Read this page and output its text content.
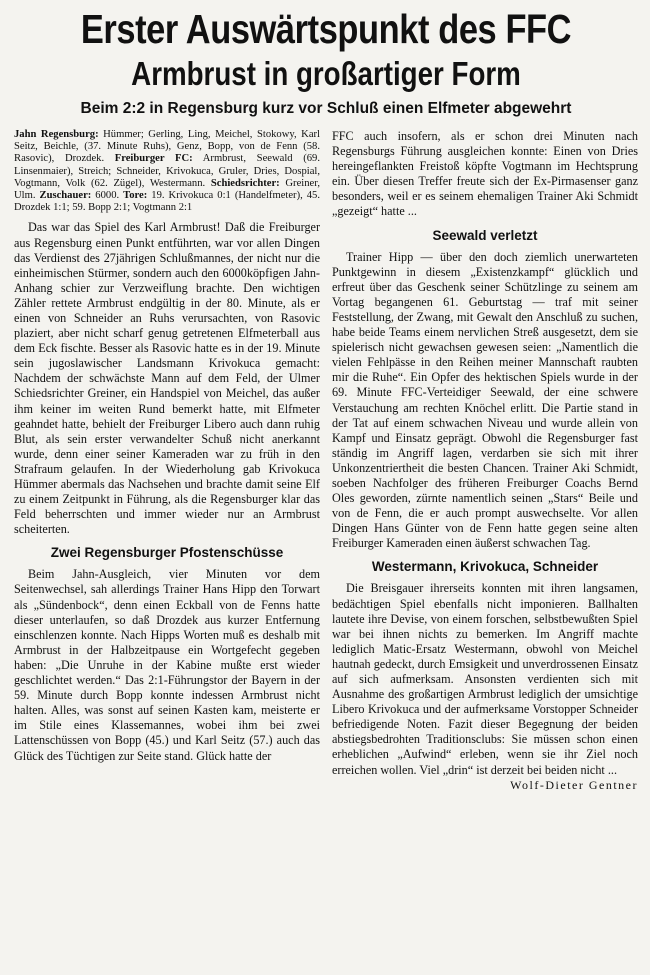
Erster Auswärtspunkt des FFC
Armbrust in großartiger Form
Beim 2:2 in Regensburg kurz vor Schluß einen Elfmeter abgewehrt

Jahn Regensburg: Hümmer; Gerling, Ling, Meichel, Stokowy, Karl Seitz, Beichle, (37. Minute Ruhs), Genz, Bopp, von de Fenn (58. Rasovic), Drozdek. Freiburger FC: Armbrust, Seewald (69. Linsenmaier), Streich; Schneider, Krivokuca, Gruler, Dries, Dospial, Vogtmann, Volk (62. Zügel), Westermann. Schiedsrichter: Greiner, Ulm. Zuschauer: 6000. Tore: 19. Krivokuca 0:1 (Handelfmeter), 45. Drozdek 1:1; 59. Bopp 2:1; Vogtmann 2:1

Das war das Spiel des Karl Armbrust! Daß die Freiburger aus Regensburg einen Punkt entführten, war vor allen Dingen das Verdienst des 27jährigen Schlußmannes, der nicht nur die einheimischen Stürmer, sondern auch den 6000köpfigen Jahn-Anhang schier zur Verzweiflung brachte. Den wichtigen Zähler rettete Armbrust endgültig in der 80. Minute, als er einen von Schneider an Ruhs verursachten, von Rasovic plaziert, aber nicht scharf genug getretenen Elfmeterball aus dem Eck fischte. Besser als Rasovic hatte es in der 19. Minute sein jugoslawischer Landsmann Krivokuca gemacht: Nachdem der schwächste Mann auf dem Feld, der Ulmer Schiedsrichter Greiner, ein Handspiel von Meichel, das außer ihm keiner im weiten Rund bemerkt hatte, mit Elfmeter geahndet hatte, behielt der Freiburger Libero auch dann ruhig Blut, als sein erster verwandelter Schuß nicht anerkannt wurde, denn einer seiner Kameraden war zu früh in den Strafraum gelaufen. In der Wiederholung gab Krivokuca Hümmer abermals das Nachsehen und brachte damit seine Elf zu einem Zeitpunkt in Führung, als die Regensburger klar das Feld beherrschten und immer wieder nur an Armbrust scheiterten.

Zwei Regensburger Pfostenschüsse

Beim Jahn-Ausgleich, vier Minuten vor dem Seitenwechsel, sah allerdings Trainer Hans Hipp den Torwart als „Sündenbock“, denn einen Eckball von de Fenns hatte dieser unterlaufen, so daß Drozdek aus kurzer Entfernung einschlenzen konnte. Nach Hipps Worten muß es deshalb mit Armbrust in der Halbzeitpause ein Wortgefecht gegeben haben: „Die Unruhe in der Kabine mußte erst wieder geschlichtet werden.“ Das 2:1-Führungstor der Bayern in der 59. Minute durch Bopp konnte indessen Armbrust nicht halten. Alles, was sonst auf seinen Kasten kam, meisterte er im Stile eines Klassemannes, wobei ihm bei zwei Lattenschüssen von Bopp (45.) und Karl Seitz (57.) auch das Glück des Tüchtigen zur Seite stand. Glück hatte der

FFC auch insofern, als er schon drei Minuten nach Regensburgs Führung ausgleichen konnte: Einen von Dries hereingeflankten Freistoß köpfte Vogtmann im Hechtsprung ein. Über diesen Treffer freute sich der Ex-Pirmasenser ganz besonders, weil er es seinem ehemaligen Trainer Aki Schmidt „gezeigt“ hatte ...

Seewald verletzt

Trainer Hipp — über den doch ziemlich unerwarteten Punktgewinn in diesem „Existenzkampf“ glücklich und erfreut über das Geschenk seiner Schützlinge zu seinem am Vortag begangenen 61. Geburtstag — traf mit seiner Feststellung, der Zwang, mit Gewalt den Anschluß zu suchen, habe beide Teams einem nervlichen Streß ausgesetzt, dem sie spielerisch nicht gewachsen gewesen seien: „Namentlich die vielen Fehlpässe in den Reihen meiner Mannschaft raubten mir die Ruhe“. Ein Opfer des hektischen Spiels wurde in der 69. Minute FFC-Verteidiger Seewald, der eine schwere Verstauchung am rechten Knöchel erlitt. Die Partie stand in der Tat auf einem schwachen Niveau und wurde allein von Kampf und Einsatz geprägt. Obwohl die Regensburger fast ständig im Angriff lagen, verdarben sie sich mit ihrer Unkonzentriertheit die besten Chancen. Trainer Aki Schmidt, soeben Nachfolger des früheren Freiburger Coachs Bernd Oles geworden, zürnte namentlich seinen „Stars“ Beile und von de Fenn, die er auch prompt auswechselte. Vor allen Dingen Hans Günter von de Fenn hatte gegen seine alten Freiburger Kameraden einen äußerst schwachen Tag.

Westermann, Krivokuca, Schneider

Die Breisgauer ihrerseits konnten mit ihren langsamen, bedächtigen Spiel ebenfalls nicht imponieren. Ballhalten lautete ihre Devise, von einem forschen, selbstbewußten Spiel war bei ihnen nichts zu bemerken. Im Angriff machte lediglich Matic-Ersatz Westermann, obwohl von Meichel hautnah gedeckt, durch Emsigkeit und unverdrossenen Einsatz auf sich aufmerksam. Ansonsten verdienten sich mit Ausnahme des großartigen Armbrust lediglich der umsichtige Libero Krivokuca und der aufmerksame Vorstopper Schneider befriedigende Noten. Fazit dieser Begegnung der beiden abstiegsbedrohten Traditionsclubs: Sie müssen schon einen erheblichen „Aufwind“ erleben, wenn sie ihr Ziel noch erreichen wollen. Viel „drin“ ist derzeit bei beiden nicht ...

Wolf-Dieter Gentner
